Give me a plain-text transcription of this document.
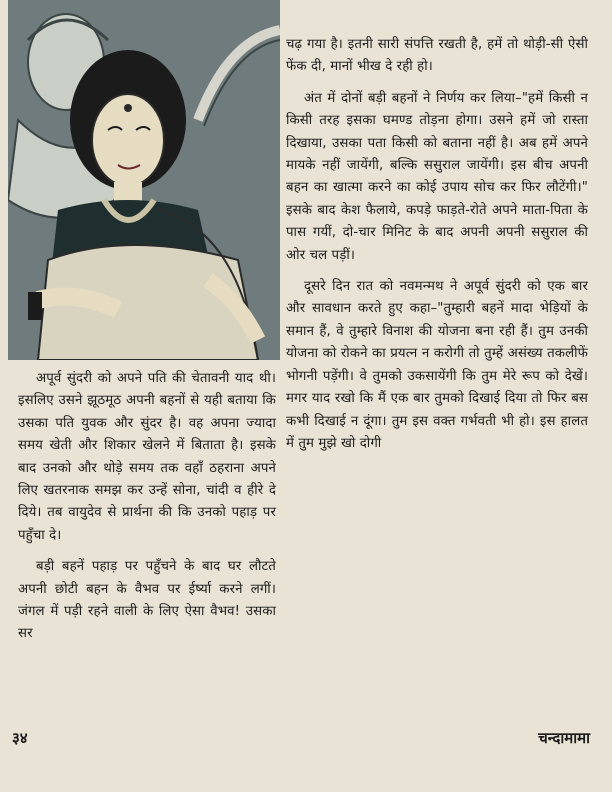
अपूर्व सुंदरी को अपने पति की चेतावनी याद थी। इसलिए उसने झूठमूठ अपनी बहनों से यही बताया कि उसका पति युवक और सुंदर है। वह अपना ज्यादा समय खेती और शिकार खेलने में बिताता है। इसके बाद उनको और थोड़े समय तक वहाँ ठहराना अपने लिए खतरनाक समझ कर उन्हें सोना, चांदी व हीरे दे दिये। तब वायुदेव से प्रार्थना की कि उनको पहाड़ पर पहुँचा दे।

बड़ी बहनें पहाड़ पर पहुँचने के बाद घर लौटते अपनी छोटी बहन के वैभव पर ईर्ष्या करने लगीं। जंगल में पड़ी रहने वाली के लिए ऐसा वैभव! उसका सर

चढ़ गया है। इतनी सारी संपत्ति रखती है, हमें तो थोड़ी-सी ऐसी फेंक दी, मानों भीख दे रही हो।

अंत में दोनों बड़ी बहनों ने निर्णय कर लिया–"हमें किसी न किसी तरह इसका घमण्ड तोड़ना होगा। उसने हमें जो रास्ता दिखाया, उसका पता किसी को बताना नहीं है। अब हमें अपने मायके नहीं जायेंगी, बल्कि ससुराल जायेंगी। इस बीच अपनी बहन का खात्मा करने का कोई उपाय सोच कर फिर लौटेंगी।" इसके बाद केश फैलाये, कपड़े फाड़ते-रोते अपने माता-पिता के पास गयीं, दो-चार मिनिट के बाद अपनी अपनी ससुराल की ओर चल पड़ीं।

दूसरे दिन रात को नवमन्मथ ने अपूर्व सुंदरी को एक बार और सावधान करते हुए कहा–"तुम्हारी बहनें मादा भेड़ियों के समान हैं, वे तुम्हारे विनाश की योजना बना रही हैं। तुम उनकी योजना को रोकने का प्रयत्न न करोगी तो तुम्हें असंख्य तकलीफें भोगनी पड़ेंगी। वे तुमको उकसायेंगी कि तुम मेरे रूप को देखें। मगर याद रखो कि मैं एक बार तुमको दिखाई दिया तो फिर बस कभी दिखाई न दूंगा। तुम इस वक्त गर्भवती भी हो। इस हालत में तुम मुझे खो दोगी

३४	चन्दामामा
